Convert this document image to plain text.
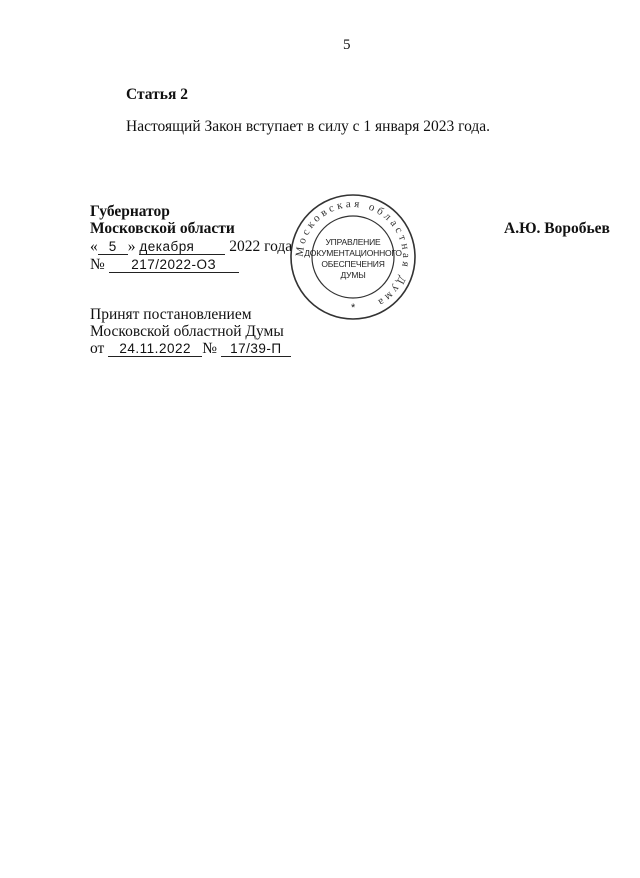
5
Статья 2
Настоящий Закон вступает в силу с 1 января 2023 года.
Губернатор
Московской области
« 5 » декабря 2022 года
№ 217/2022-ОЗ
А.Ю. Воробьев
Принят постановлением
Московской областной Думы
от 24.11.2022 № 17/39-П
Московская областная Дума
УПРАВЛЕНИЕ
ДОКУМЕНТАЦИОННОГО
ОБЕСПЕЧЕНИЯ
ДУМЫ
*
